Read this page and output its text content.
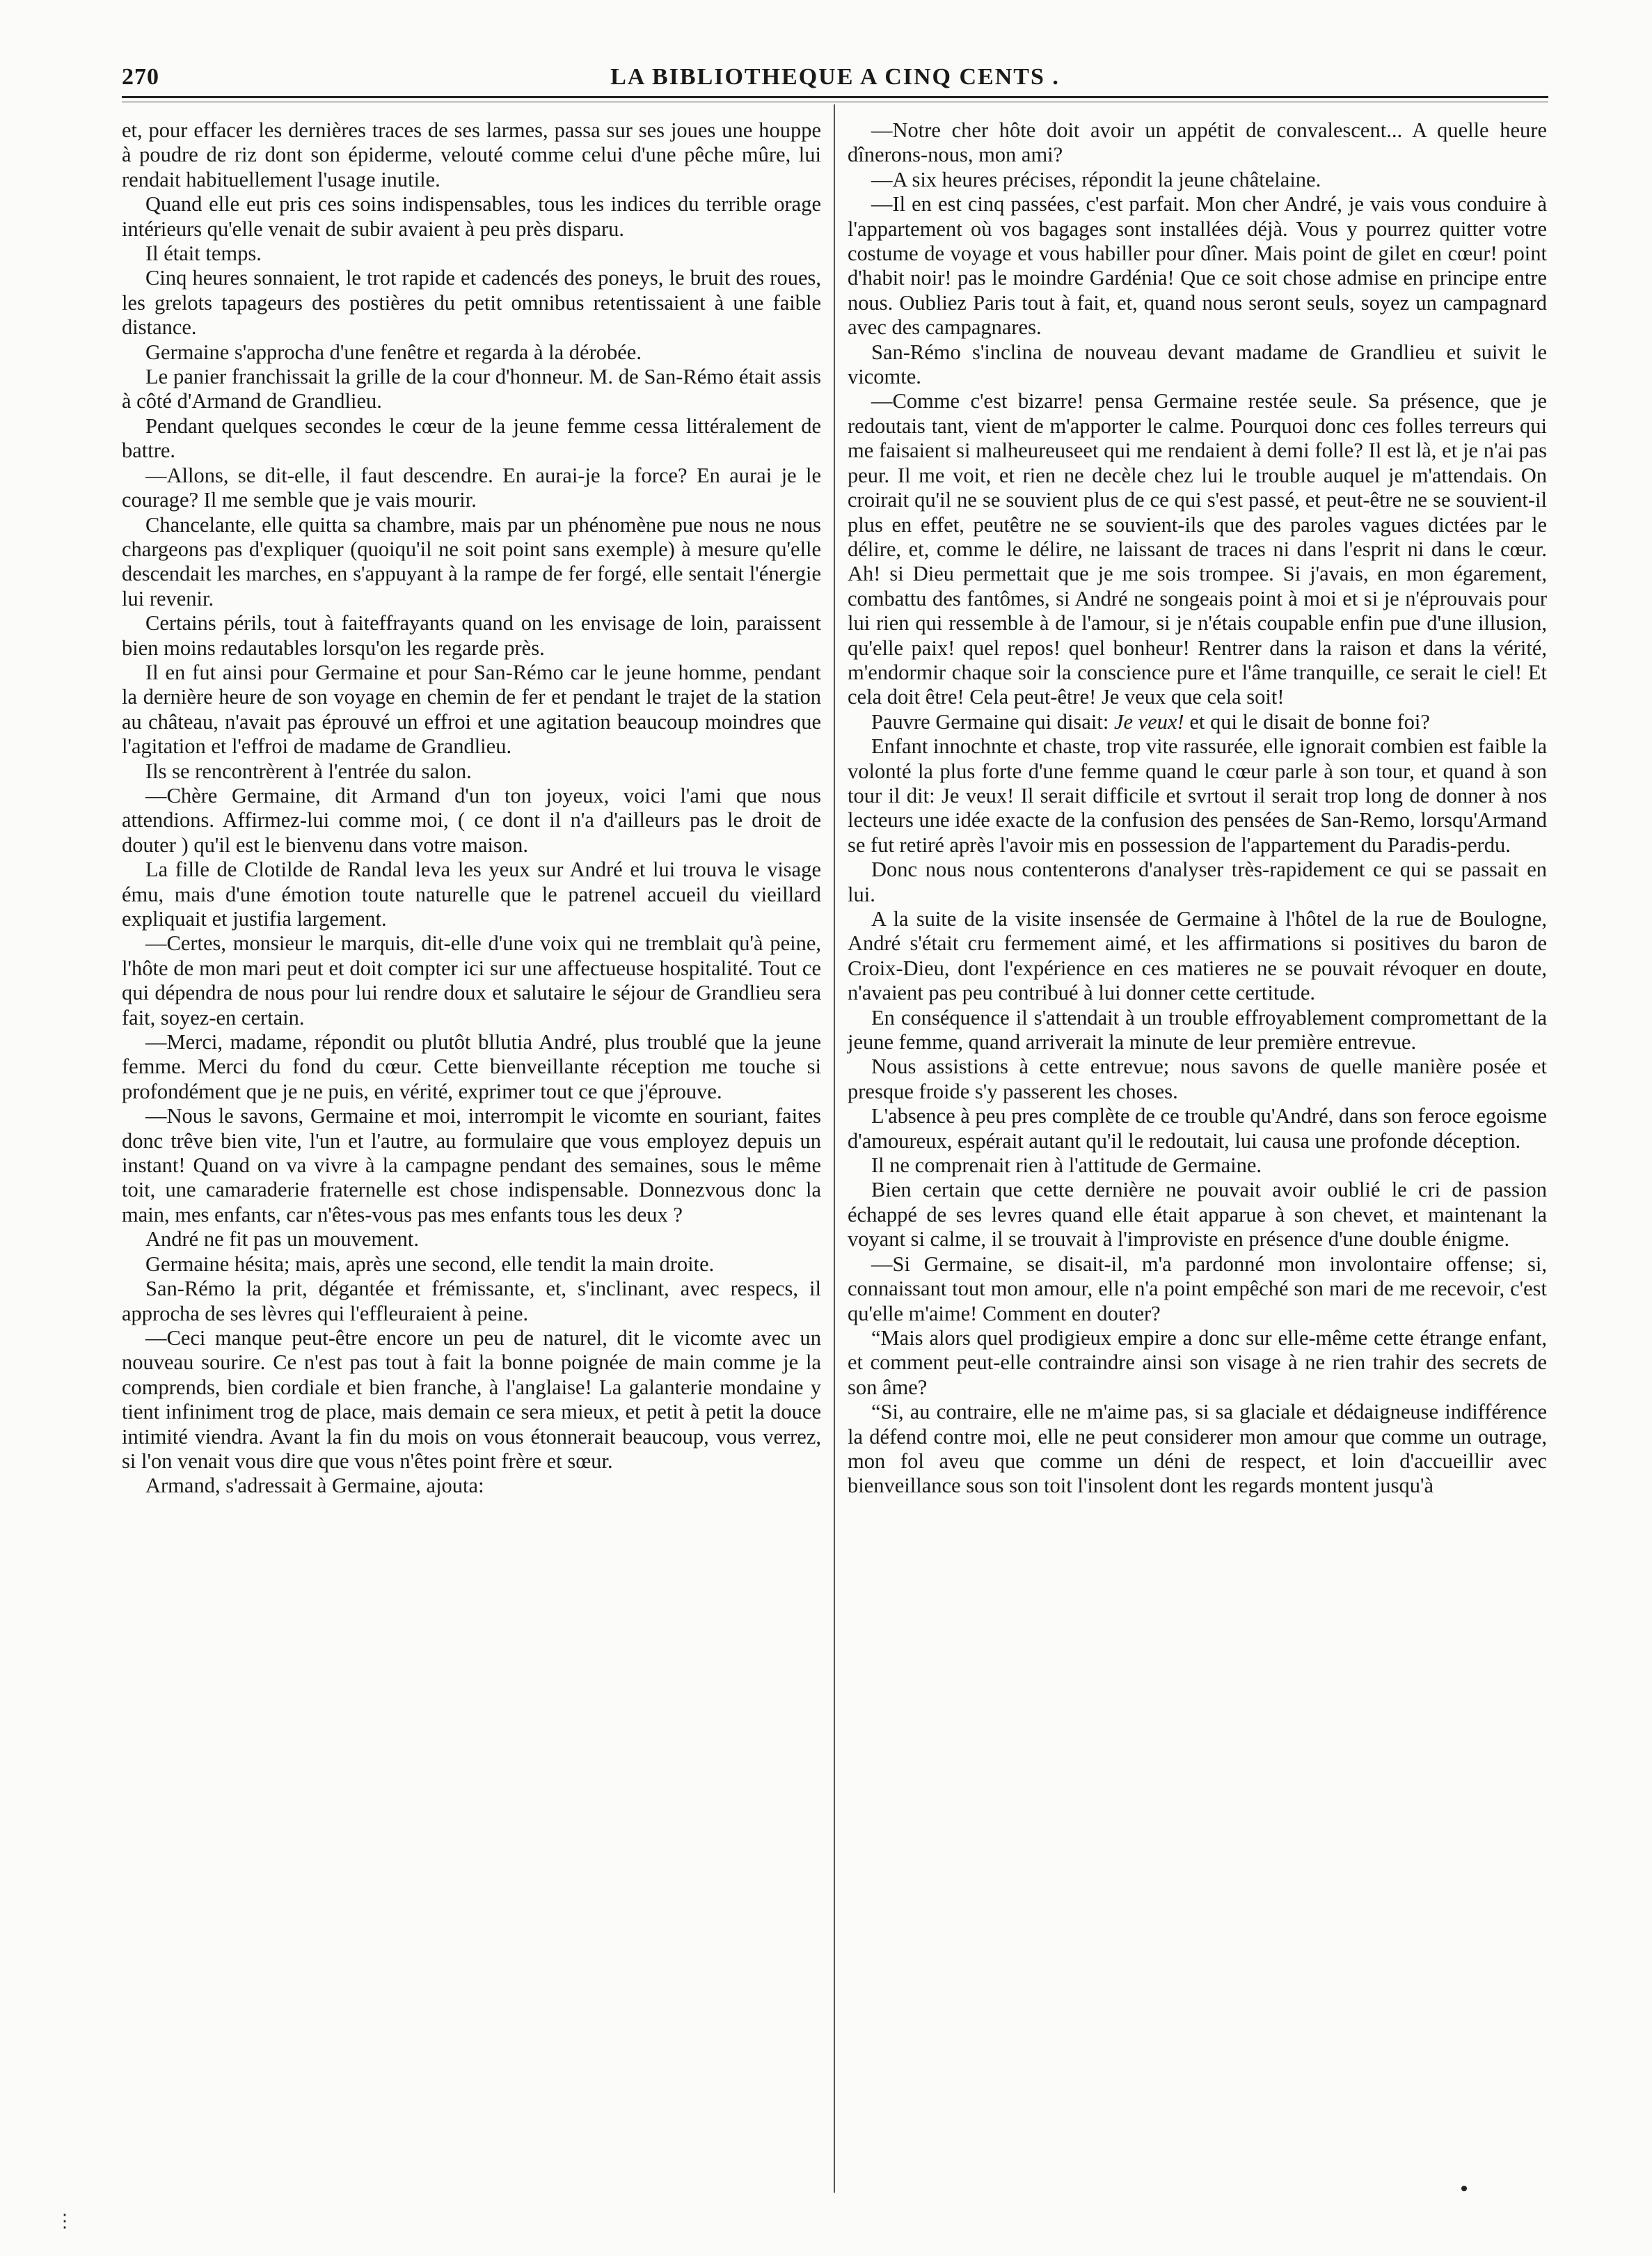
270	LA BIBLIOTHEQUE A CINQ CENTS .

et, pour effacer les dernières traces de ses larmes, passa sur ses joues une houppe à poudre de riz dont son épiderme, velouté comme celui d'une pêche mûre, lui rendait habituellement l'usage inutile.

Quand elle eut pris ces soins indispensables, tous les indices du terrible orage intérieurs qu'elle venait de subir avaient à peu près disparu.

Il était temps.

Cinq heures sonnaient, le trot rapide et cadencés des poneys, le bruit des roues, les grelots tapageurs des postières du petit omnibus retentissaient à une faible distance.

Germaine s'approcha d'une fenêtre et regarda à la dérobée.

Le panier franchissait la grille de la cour d'honneur. M. de San-Rémo était assis à côté d'Armand de Grandlieu.

Pendant quelques secondes le cœur de la jeune femme cessa littéralement de battre.

—Allons, se dit-elle, il faut descendre. En aurai-je la force? En aurai je le courage? Il me semble que je vais mourir.

Chancelante, elle quitta sa chambre, mais par un phénomène pue nous ne nous chargeons pas d'expliquer (quoiqu'il ne soit point sans exemple) à mesure qu'elle descendait les marches, en s'appuyant à la rampe de fer forgé, elle sentait l'énergie lui revenir.

Certains périls, tout à faiteffrayants quand on les envisage de loin, paraissent bien moins redautables lorsqu'on les regarde près.

Il en fut ainsi pour Germaine et pour San-Rémo car le jeune homme, pendant la dernière heure de son voyage en chemin de fer et pendant le trajet de la station au château, n'avait pas éprouvé un effroi et une agitation beaucoup moindres que l'agitation et l'effroi de madame de Grandlieu.

Ils se rencontrèrent à l'entrée du salon.

—Chère Germaine, dit Armand d'un ton joyeux, voici l'ami que nous attendions. Affirmez-lui comme moi, ( ce dont il n'a d'ailleurs pas le droit de douter ) qu'il est le bienvenu dans votre maison.

La fille de Clotilde de Randal leva les yeux sur André et lui trouva le visage ému, mais d'une émotion toute naturelle que le patrenel accueil du vieillard expliquait et justifia largement.

—Certes, monsieur le marquis, dit-elle d'une voix qui ne tremblait qu'à peine, l'hôte de mon mari peut et doit compter ici sur une affectueuse hospitalité. Tout ce qui dépendra de nous pour lui rendre doux et salutaire le séjour de Grandlieu sera fait, soyez-en certain.

—Merci, madame, répondit ou plutôt bllutia André, plus troublé que la jeune femme. Merci du fond du cœur. Cette bienveillante réception me touche si profondément que je ne puis, en vérité, exprimer tout ce que j'éprouve.

—Nous le savons, Germaine et moi, interrompit le vicomte en souriant, faites donc trêve bien vite, l'un et l'autre, au formulaire que vous employez depuis un instant! Quand on va vivre à la campagne pendant des semaines, sous le même toit, une camaraderie fraternelle est chose indispensable. Donnezvous donc la main, mes enfants, car n'êtes-vous pas mes enfants tous les deux ?

André ne fit pas un mouvement.

Germaine hésita; mais, après une second, elle tendit la main droite.

San-Rémo la prit, dégantée et frémissante, et, s'inclinant, avec respecs, il approcha de ses lèvres qui l'effleuraient à peine.

—Ceci manque peut-être encore un peu de naturel, dit le vicomte avec un nouveau sourire. Ce n'est pas tout à fait la bonne poignée de main comme je la comprends, bien cordiale et bien franche, à l'anglaise! La galanterie mondaine y tient infiniment trog de place, mais demain ce sera mieux, et petit à petit la douce intimité viendra. Avant la fin du mois on vous étonnerait beaucoup, vous verrez, si l'on venait vous dire que vous n'êtes point frère et sœur.

Armand, s'adressait à Germaine, ajouta:

—Notre cher hôte doit avoir un appétit de convalescent... A quelle heure dînerons-nous, mon ami?

—A six heures précises, répondit la jeune châtelaine.

—Il en est cinq passées, c'est parfait. Mon cher André, je vais vous conduire à l'appartement où vos bagages sont installées déjà. Vous y pourrez quitter votre costume de voyage et vous habiller pour dîner. Mais point de gilet en cœur! point d'habit noir! pas le moindre Gardénia! Que ce soit chose admise en principe entre nous. Oubliez Paris tout à fait, et, quand nous seront seuls, soyez un campagnard avec des campagnares.

San-Rémo s'inclina de nouveau devant madame de Grandlieu et suivit le vicomte.

—Comme c'est bizarre! pensa Germaine restée seule. Sa présence, que je redoutais tant, vient de m'apporter le calme. Pourquoi donc ces folles terreurs qui me faisaient si malheureuseet qui me rendaient à demi folle? Il est là, et je n'ai pas peur. Il me voit, et rien ne decèle chez lui le trouble auquel je m'attendais. On croirait qu'il ne se souvient plus de ce qui s'est passé, et peut-être ne se souvient-il plus en effet, peutêtre ne se souvient-ils que des paroles vagues dictées par le délire, et, comme le délire, ne laissant de traces ni dans l'esprit ni dans le cœur. Ah! si Dieu permettait que je me sois trompee. Si j'avais, en mon égarement, combattu des fantômes, si André ne songeais point à moi et si je n'éprouvais pour lui rien qui ressemble à de l'amour, si je n'étais coupable enfin pue d'une illusion, qu'elle paix! quel repos! quel bonheur! Rentrer dans la raison et dans la vérité, m'endormir chaque soir la conscience pure et l'âme tranquille, ce serait le ciel! Et cela doit être! Cela peut-être! Je veux que cela soit!

Pauvre Germaine qui disait: Je veux! et qui le disait de bonne foi?

Enfant innochnte et chaste, trop vite rassurée, elle ignorait combien est faible la volonté la plus forte d'une femme quand le cœur parle à son tour, et quand à son tour il dit: Je veux! Il serait difficile et svrtout il serait trop long de donner à nos lecteurs une idée exacte de la confusion des pensées de San-Remo, lorsqu'Armand se fut retiré après l'avoir mis en possession de l'appartement du Paradis-perdu.

Donc nous nous contenterons d'analyser très-rapidement ce qui se passait en lui.

A la suite de la visite insensée de Germaine à l'hôtel de la rue de Boulogne, André s'était cru fermement aimé, et les affirmations si positives du baron de Croix-Dieu, dont l'expérience en ces matieres ne se pouvait révoquer en doute, n'avaient pas peu contribué à lui donner cette certitude.

En conséquence il s'attendait à un trouble effroyablement compromettant de la jeune femme, quand arriverait la minute de leur première entrevue.

Nous assistions à cette entrevue; nous savons de quelle manière posée et presque froide s'y passerent les choses.

L'absence à peu pres complète de ce trouble qu'André, dans son feroce egoisme d'amoureux, espérait autant qu'il le redoutait, lui causa une profonde déception.

Il ne comprenait rien à l'attitude de Germaine.

Bien certain que cette dernière ne pouvait avoir oublié le cri de passion échappé de ses levres quand elle était apparue à son chevet, et maintenant la voyant si calme, il se trouvait à l'improviste en présence d'une double énigme.

—Si Germaine, se disait-il, m'a pardonné mon involontaire offense; si, connaissant tout mon amour, elle n'a point empêché son mari de me recevoir, c'est qu'elle m'aime! Comment en douter?

“Mais alors quel prodigieux empire a donc sur elle-même cette étrange enfant, et comment peut-elle contraindre ainsi son visage à ne rien trahir des secrets de son âme?

“Si, au contraire, elle ne m'aime pas, si sa glaciale et dédaigneuse indifférence la défend contre moi, elle ne peut considerer mon amour que comme un outrage, mon fol aveu que comme un déni de respect, et loin d'accueillir avec bienveillance sous son toit l'insolent dont les regards montent jusqu'à

⋮
